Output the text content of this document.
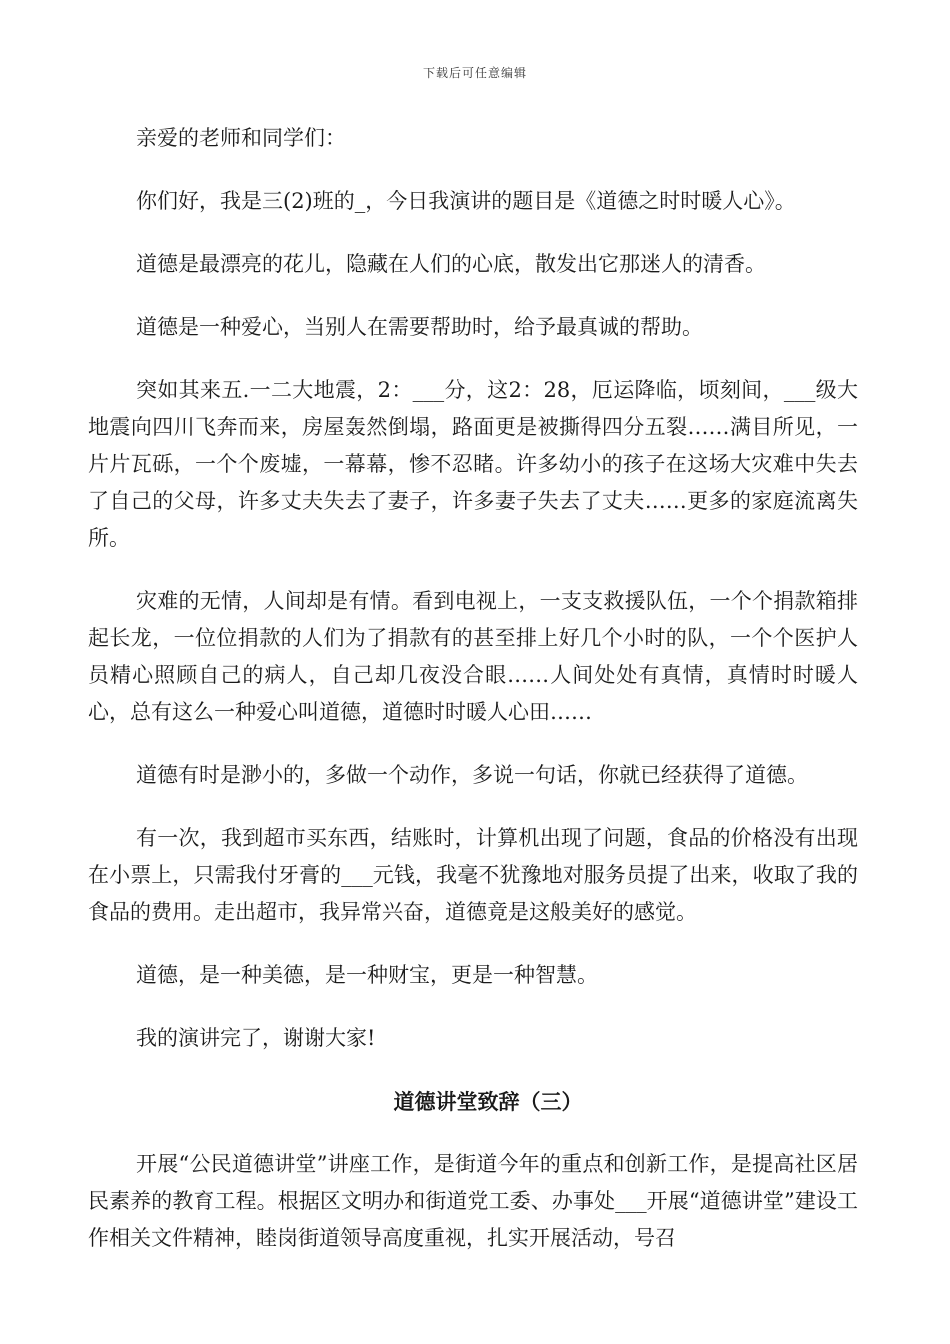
下载后可任意编辑

亲爱的老师和同学们：

你们好，我是三(2)班的_，今日我演讲的题目是《道德之时时暖人心》。

道德是最漂亮的花儿，隐藏在人们的心底，散发出它那迷人的清香。

道德是一种爱心，当别人在需要帮助时，给予最真诚的帮助。

突如其来五.一二大地震，2：___分，这2：28，厄运降临，顷刻间，___级大地震向四川飞奔而来，房屋轰然倒塌，路面更是被撕得四分五裂……满目所见，一片片瓦砾，一个个废墟，一幕幕，惨不忍睹。许多幼小的孩子在这场大灾难中失去了自己的父母，许多丈夫失去了妻子，许多妻子失去了丈夫……更多的家庭流离失所。

灾难的无情，人间却是有情。看到电视上，一支支救援队伍，一个个捐款箱排起长龙，一位位捐款的人们为了捐款有的甚至排上好几个小时的队，一个个医护人员精心照顾自己的病人，自己却几夜没合眼……人间处处有真情，真情时时暖人心，总有这么一种爱心叫道德，道德时时暖人心田……

道德有时是渺小的，多做一个动作，多说一句话，你就已经获得了道德。

有一次，我到超市买东西，结账时，计算机出现了问题，食品的价格没有出现在小票上，只需我付牙膏的___元钱，我毫不犹豫地对服务员提了出来，收取了我的食品的费用。走出超市，我异常兴奋，道德竟是这般美好的感觉。

道德，是一种美德，是一种财宝，更是一种智慧。

我的演讲完了，谢谢大家!

道德讲堂致辞（三）

开展“公民道德讲堂”讲座工作，是街道今年的重点和创新工作，是提高社区居民素养的教育工程。根据区文明办和街道党工委、办事处___开展“道德讲堂”建设工作相关文件精神，睦岗街道领导高度重视，扎实开展活动，号召
